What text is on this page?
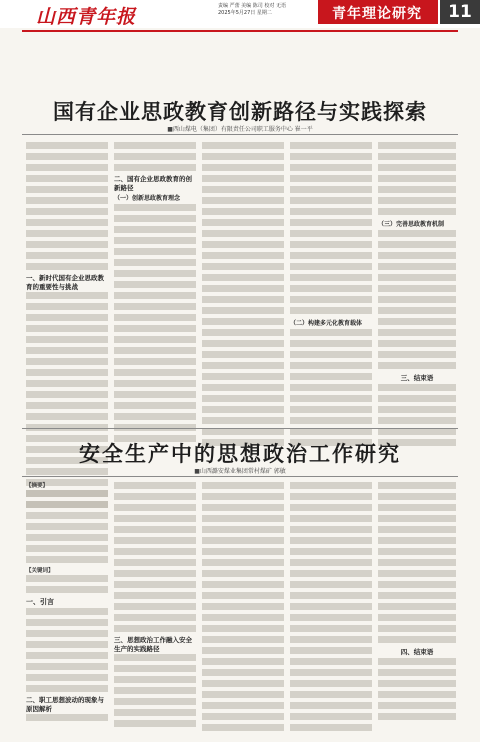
山西青年报	责编 严蕾 美编 陈司 校对 无语
2025年5月27日 星期二	青年理论研究	11
国有企业思政教育创新路径与实践探索
■西山煤电（集团）有限责任公司职工服务中心 崔一平
一、新时代国有企业思政教育的重要性与挑战
二、国有企业思政教育的创新路径
（一）创新思政教育理念
（二）构建多元化教育载体
（三）完善思政教育机制
三、结束语
安全生产中的思想政治工作研究
■山西潞安煤业集团常村煤矿 郭敏
【摘要】
【关键词】
一、引言
二、职工思想波动的现象与原因解析
三、思想政治工作融入安全生产的实践路径	四、结束语
